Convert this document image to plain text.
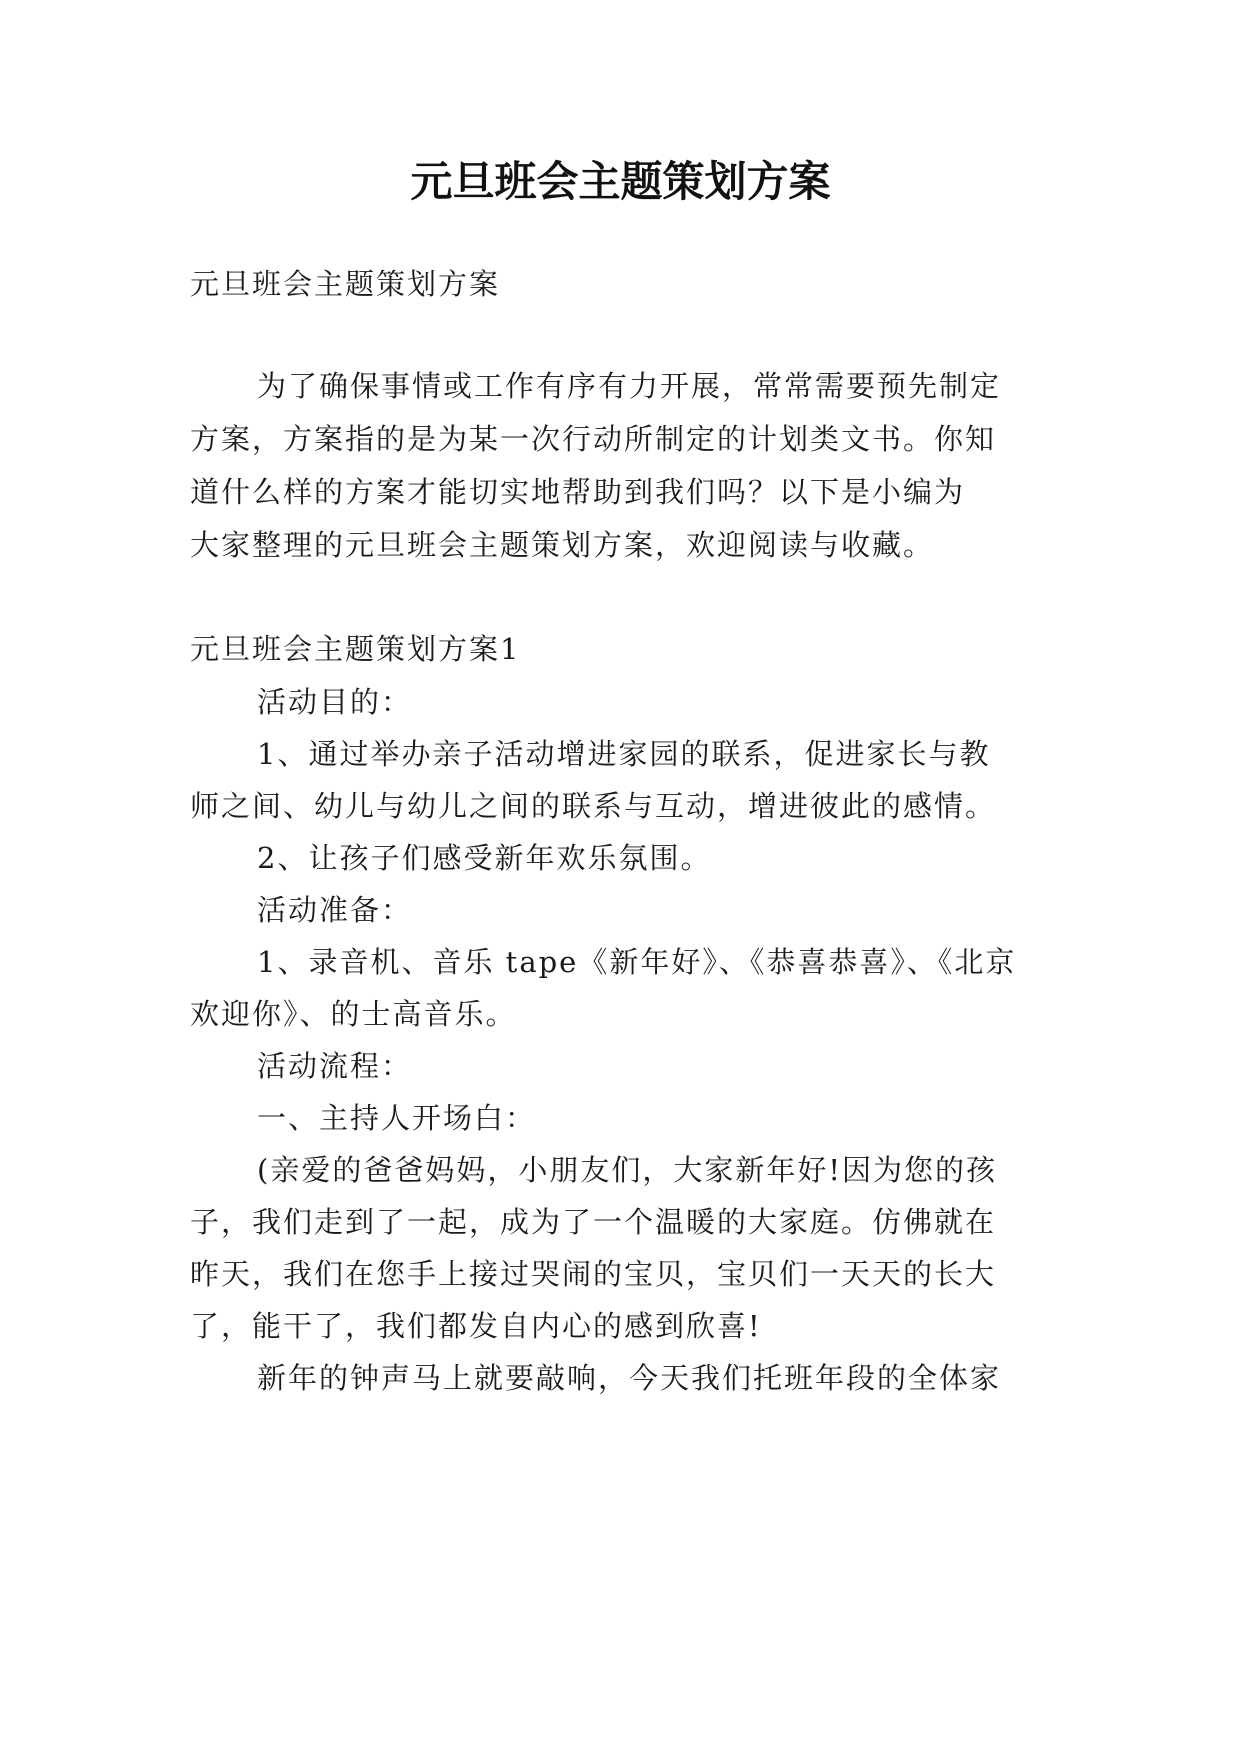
元旦班会主题策划方案

元旦班会主题策划方案

为了确保事情或工作有序有力开展，常常需要预先制定

方案，方案指的是为某一次行动所制定的计划类文书。你知

道什么样的方案才能切实地帮助到我们吗？以下是小编为

大家整理的元旦班会主题策划方案，欢迎阅读与收藏。

元旦班会主题策划方案1

活动目的：

1、通过举办亲子活动增进家园的联系，促进家长与教

师之间、幼儿与幼儿之间的联系与互动，增进彼此的感情。

2、让孩子们感受新年欢乐氛围。

活动准备：

1、录音机、音乐 tape《新年好》、《恭喜恭喜》、《北京

欢迎你》、的士高音乐。

活动流程：

一、主持人开场白：

(亲爱的爸爸妈妈，小朋友们，大家新年好!因为您的孩

子，我们走到了一起，成为了一个温暖的大家庭。仿佛就在

昨天，我们在您手上接过哭闹的宝贝，宝贝们一天天的长大

了，能干了，我们都发自内心的感到欣喜!

新年的钟声马上就要敲响，今天我们托班年段的全体家
